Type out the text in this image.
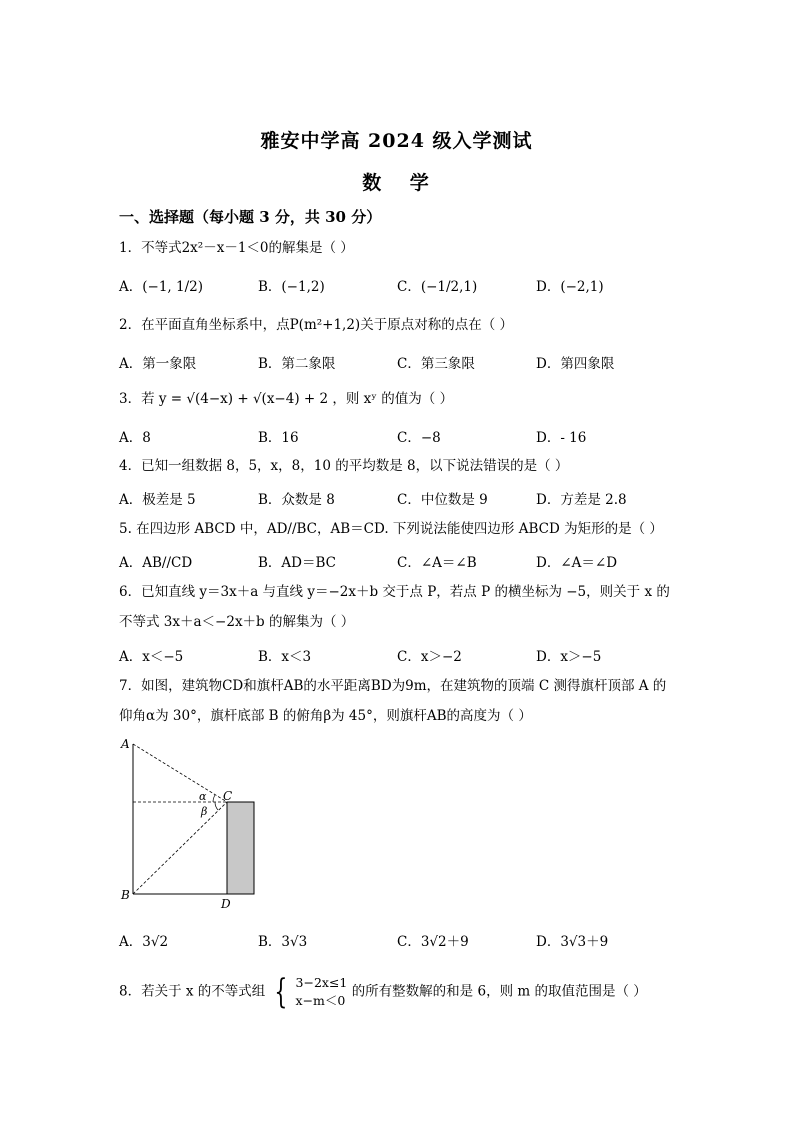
雅安中学高 2024 级入学测试
数 学
一、选择题（每小题 3 分，共 30 分）
1．不等式2x²－x－1＜0的解集是（ ）
A．(−1, 1/2)	B．(−1,2)	C．(−1/2,1)	D．(−2,1)
2．在平面直角坐标系中，点P(m²+1,2)关于原点对称的点在（ ）
A．第一象限	B．第二象限	C．第三象限	D．第四象限
3．若 y = √(4−x) + √(x−4) + 2 ，则 xʸ 的值为（ ）
A．8	B．16	C．−8	D．- 16
4．已知一组数据 8，5，x，8，10 的平均数是 8，以下说法错误的是（ ）
A．极差是 5	B．众数是 8	C．中位数是 9	D．方差是 2.8
5. 在四边形 ABCD 中，AD//BC，AB＝CD. 下列说法能使四边形 ABCD 为矩形的是（ ）
A．AB//CD	B．AD＝BC	C．∠A＝∠B	D．∠A＝∠D
6．已知直线 y＝3x＋a 与直线 y＝−2x＋b 交于点 P，若点 P 的横坐标为 −5，则关于 x 的不等式 3x＋a＜−2x＋b 的解集为（ ）
A．x＜−5	B．x＜3	C．x＞−2	D．x＞−5
7．如图，建筑物CD和旗杆AB的水平距离BD为9m，在建筑物的顶端 C 测得旗杆顶部 A 的仰角α为 30°，旗杆底部 B 的俯角β为 45°，则旗杆AB的高度为（ ）
A
B
C
D
α
β
A．3√2	B．3√3	C．3√2＋9	D．3√3＋9
8．若关于 x 的不等式组 { 3−2x≤1
x−m＜0
的所有整数解的和是 6，则 m 的取值范围是（ ）
